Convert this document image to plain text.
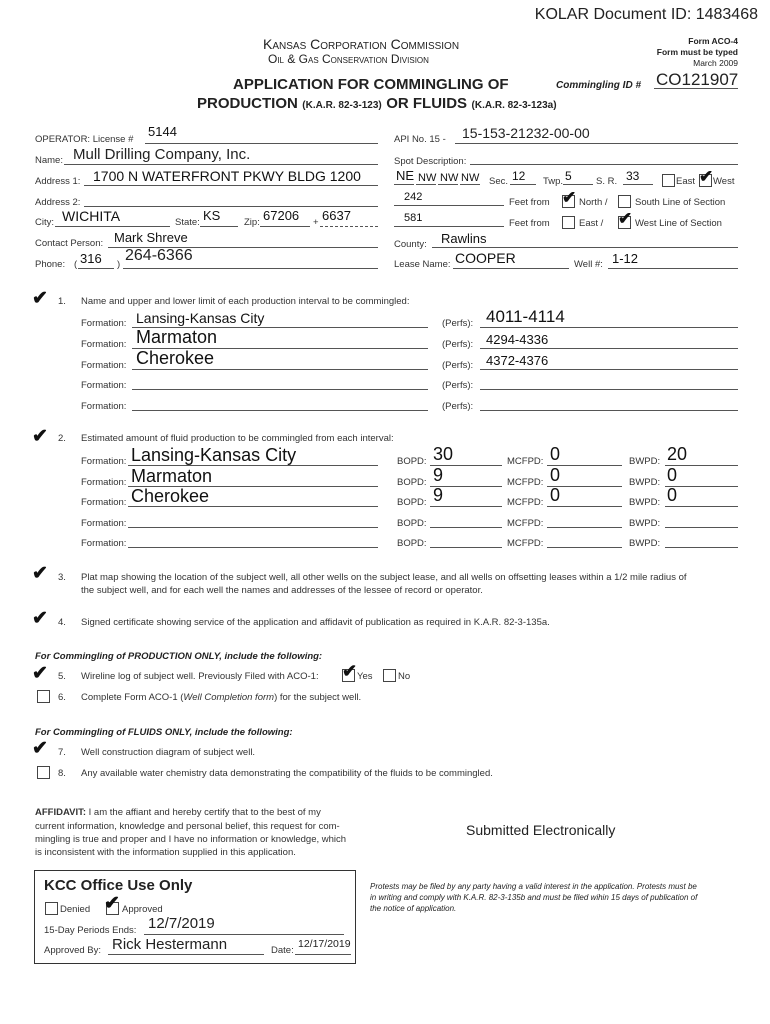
KOLAR Document ID: 1483468
Kansas Corporation Commission
Oil & Gas Conservation Division
Form ACO-4
Form must be typed
March 2009
APPLICATION FOR COMMINGLING OF
PRODUCTION (K.A.R. 82-3-123) OR FLUIDS (K.A.R. 82-3-123a)
Commingling ID # CO121907
OPERATOR: License #
5144
Name: Mull Drilling Company, Inc.
Address 1: 1700 N WATERFRONT PKWY BLDG 1200
Address 2:
City: WICHITA	State: KS Zip: 67206 + 6637
Contact Person: Mark Shreve
Phone: ( 316 )
264-6366
API No. 15 - 15-153-21232-00-00
Spot Description:
NE NW NW NW Sec. 12 Twp. 5	S. R. 33	East ✔ West
242	Feet from ✔ North /	South Line of Section
581	Feet from	East / ✔ West Line of Section
County: Rawlins
Lease Name: COOPER	Well #: 1-12
✔ 1. Name and upper and lower limit of each production interval to be commingled:
Formation: Lansing-Kansas City	(Perfs): 4011-4114
Formation: Marmaton	(Perfs): 4294-4336
Formation: Cherokee	(Perfs): 4372-4376
Formation:	(Perfs):
Formation:	(Perfs):
✔ 2. Estimated amount of fluid production to be commingled from each interval:
Formation: Lansing-Kansas City	BOPD: 30	MCFPD: 0	BWPD: 20
Formation: Marmaton	BOPD: 9	MCFPD: 0	BWPD: 0
Formation: Cherokee	BOPD: 9	MCFPD: 0	BWPD: 0
Formation:	BOPD:	MCFPD:	BWPD:
Formation:	BOPD:	MCFPD:	BWPD:
✔ 3. Plat map showing the location of the subject well, all other wells on the subject lease, and all wells on offsetting leases within a 1/2 mile radius of
the subject well, and for each well the names and addresses of the lessee of record or operator.
✔ 4. Signed certificate showing service of the application and affidavit of publication as required in K.A.R. 82-3-135a.
For Commingling of PRODUCTION ONLY, include the following:
✔ 5. Wireline log of subject well. Previously Filed with ACO-1: ✔ Yes	No
6. Complete Form ACO-1 (Well Completion form) for the subject well.
For Commingling of FLUIDS ONLY, include the following:
✔ 7. Well construction diagram of subject well.
8. Any available water chemistry data demonstrating the compatibility of the fluids to be commingled.
AFFIDAVIT: I am the affiant and hereby certify that to the best of my
current information, knowledge and personal belief, this request for com-
mingling is true and proper and I have no information or knowledge, which
is inconsistent with the information supplied in this application.
Submitted Electronically
KCC Office Use Only
Denied ✔ Approved
15-Day Periods Ends: 12/7/2019
Approved By: Rick Hestermann	Date:
12/17/2019
Protests may be filed by any party having a valid interest in the application. Protests must be
in writing and comply with K.A.R. 82-3-135b and must be filed wihin 15 days of publication of
the notice of application.
